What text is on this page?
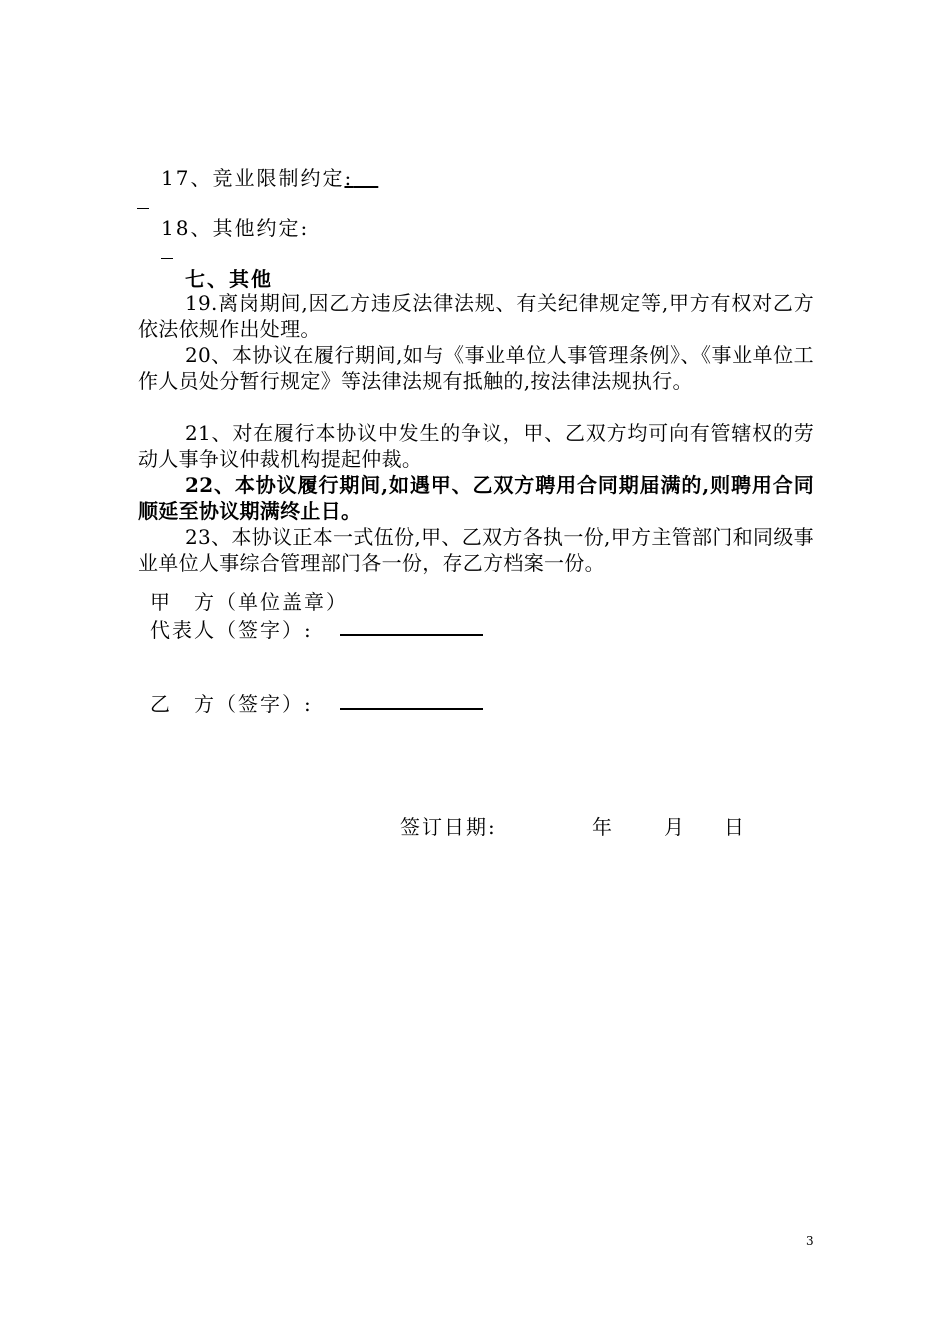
17、竞业限制约定:
18、其他约定:
七、其他
19.离岗期间,因乙方违反法律法规、有关纪律规定等,甲方有权对乙方依法依规作出处理。
20、本协议在履行期间,如与《事业单位人事管理条例》、《事业单位工作人员处分暂行规定》等法律法规有抵触的,按法律法规执行。
21、对在履行本协议中发生的争议，甲、乙双方均可向有管辖权的劳动人事争议仲裁机构提起仲裁。
22、本协议履行期间,如遇甲、乙双方聘用合同期届满的,则聘用合同顺延至协议期满终止日。
23、本协议正本一式伍份,甲、乙双方各执一份,甲方主管部门和同级事业单位人事综合管理部门各一份，存乙方档案一份。
甲　方（单位盖章）
代表人（签字）:
乙　方（签字）:
签订日期:	年	月 日
3
